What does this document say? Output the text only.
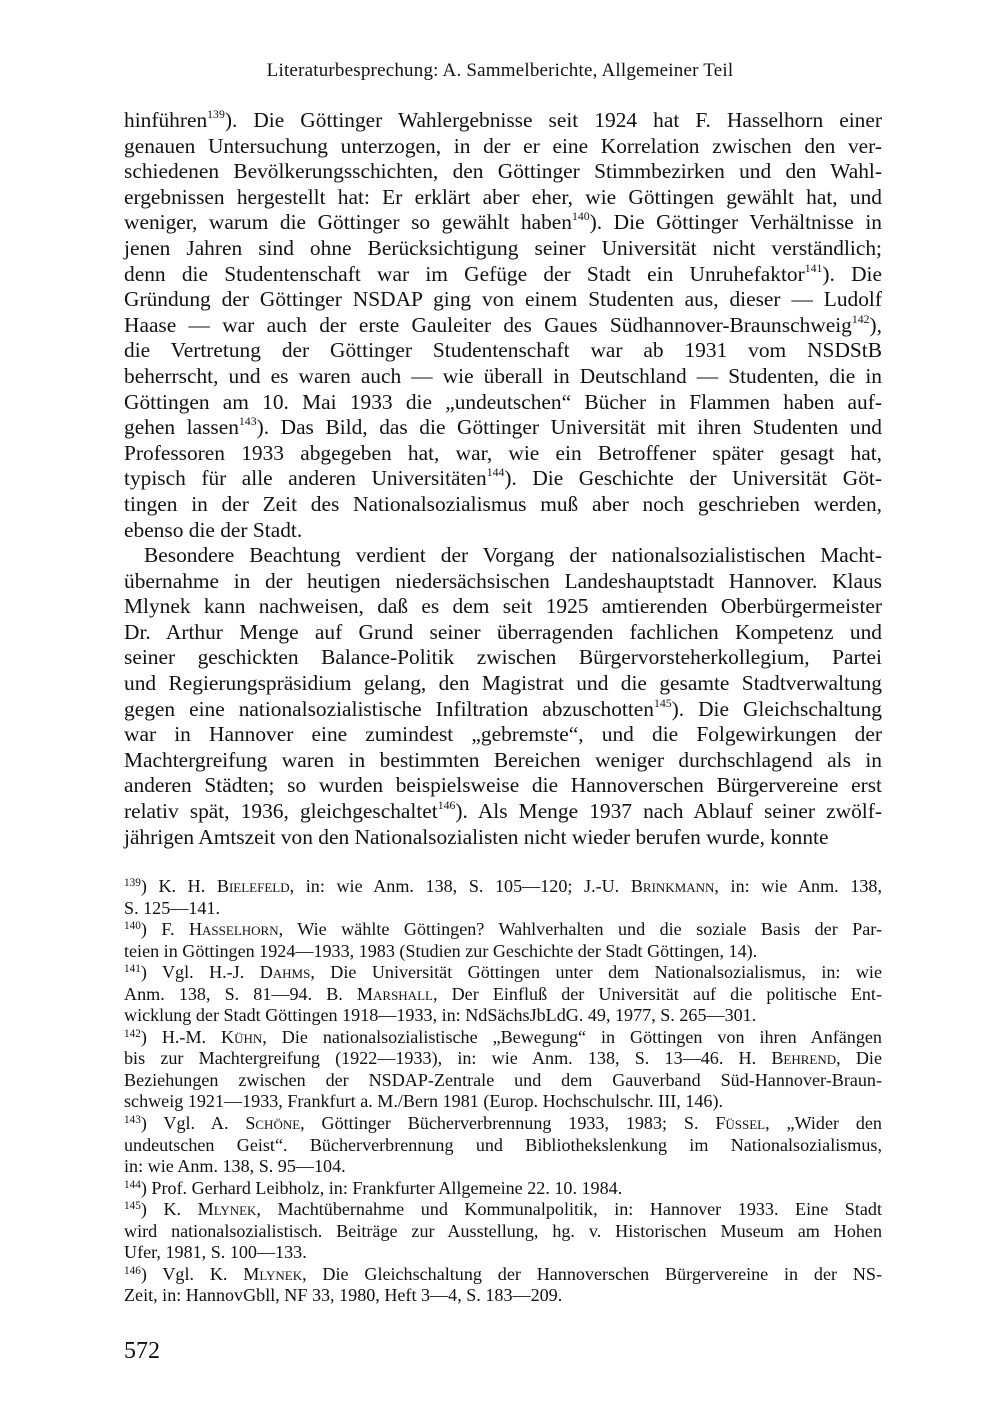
Literaturbesprechung: A. Sammelberichte, Allgemeiner Teil
hinführen$^{139}$). Die Göttinger Wahlergebnisse seit 1924 hat F. Hasselhorn einer
genauen Untersuchung unterzogen, in der er eine Korrelation zwischen den ver-
schiedenen Bevölkerungsschichten, den Göttinger Stimmbezirken und den Wahl-
ergebnissen hergestellt hat: Er erklärt aber eher, wie Göttingen gewählt hat, und
weniger, warum die Göttinger so gewählt haben$^{140}$). Die Göttinger Verhältnisse in
jenen Jahren sind ohne Berücksichtigung seiner Universität nicht verständlich;
denn die Studentenschaft war im Gefüge der Stadt ein Unruhefaktor$^{141}$). Die
Gründung der Göttinger NSDAP ging von einem Studenten aus, dieser — Ludolf
Haase — war auch der erste Gauleiter des Gaues Südhannover-Braunschweig$^{142}$),
die Vertretung der Göttinger Studentenschaft war ab 1931 vom NSDStB
beherrscht, und es waren auch — wie überall in Deutschland — Studenten, die in
Göttingen am 10. Mai 1933 die „undeutschen“ Bücher in Flammen haben auf-
gehen lassen$^{143}$). Das Bild, das die Göttinger Universität mit ihren Studenten und
Professoren 1933 abgegeben hat, war, wie ein Betroffener später gesagt hat,
typisch für alle anderen Universitäten$^{144}$). Die Geschichte der Universität Göt-
tingen in der Zeit des Nationalsozialismus muß aber noch geschrieben werden,
ebenso die der Stadt.
Besondere Beachtung verdient der Vorgang der nationalsozialistischen Macht-
übernahme in der heutigen niedersächsischen Landeshauptstadt Hannover. Klaus
Mlynek kann nachweisen, daß es dem seit 1925 amtierenden Oberbürgermeister
Dr. Arthur Menge auf Grund seiner überragenden fachlichen Kompetenz und
seiner geschickten Balance-Politik zwischen Bürgervorsteherkollegium, Partei
und Regierungspräsidium gelang, den Magistrat und die gesamte Stadtverwaltung
gegen eine nationalsozialistische Infiltration abzuschotten$^{145}$). Die Gleichschaltung
war in Hannover eine zumindest „gebremste“, und die Folgewirkungen der
Machtergreifung waren in bestimmten Bereichen weniger durchschlagend als in
anderen Städten; so wurden beispielsweise die Hannoverschen Bürgervereine erst
relativ spät, 1936, gleichgeschaltet$^{146}$). Als Menge 1937 nach Ablauf seiner zwölf-
jährigen Amtszeit von den Nationalsozialisten nicht wieder berufen wurde, konnte
$^{139}$) K. H. Bielefeld, in: wie Anm. 138, S. 105—120; J.-U. Brinkmann, in: wie Anm. 138,
S. 125—141.
$^{140}$) F. Hasselhorn, Wie wählte Göttingen? Wahlverhalten und die soziale Basis der Par-
teien in Göttingen 1924—1933, 1983 (Studien zur Geschichte der Stadt Göttingen, 14).
$^{141}$) Vgl. H.-J. Dahms, Die Universität Göttingen unter dem Nationalsozialismus, in: wie
Anm. 138, S. 81—94. B. Marshall, Der Einfluß der Universität auf die politische Ent-
wicklung der Stadt Göttingen 1918—1933, in: NdSächsJbLdG. 49, 1977, S. 265—301.
$^{142}$) H.-M. Kühn, Die nationalsozialistische „Bewegung“ in Göttingen von ihren Anfängen
bis zur Machtergreifung (1922—1933), in: wie Anm. 138, S. 13—46. H. Behrend, Die
Beziehungen zwischen der NSDAP-Zentrale und dem Gauverband Süd-Hannover-Braun-
schweig 1921—1933, Frankfurt a. M./Bern 1981 (Europ. Hochschulschr. III, 146).
$^{143}$) Vgl. A. Schöne, Göttinger Bücherverbrennung 1933, 1983; S. Füssel, „Wider den
undeutschen Geist“. Bücherverbrennung und Bibliothekslenkung im Nationalsozialismus,
in: wie Anm. 138, S. 95—104.
$^{144}$) Prof. Gerhard Leibholz, in: Frankfurter Allgemeine 22. 10. 1984.
$^{145}$) K. Mlynek, Machtübernahme und Kommunalpolitik, in: Hannover 1933. Eine Stadt
wird nationalsozialistisch. Beiträge zur Ausstellung, hg. v. Historischen Museum am Hohen
Ufer, 1981, S. 100—133.
$^{146}$) Vgl. K. Mlynek, Die Gleichschaltung der Hannoverschen Bürgervereine in der NS-
Zeit, in: HannovGbll, NF 33, 1980, Heft 3—4, S. 183—209.
572
